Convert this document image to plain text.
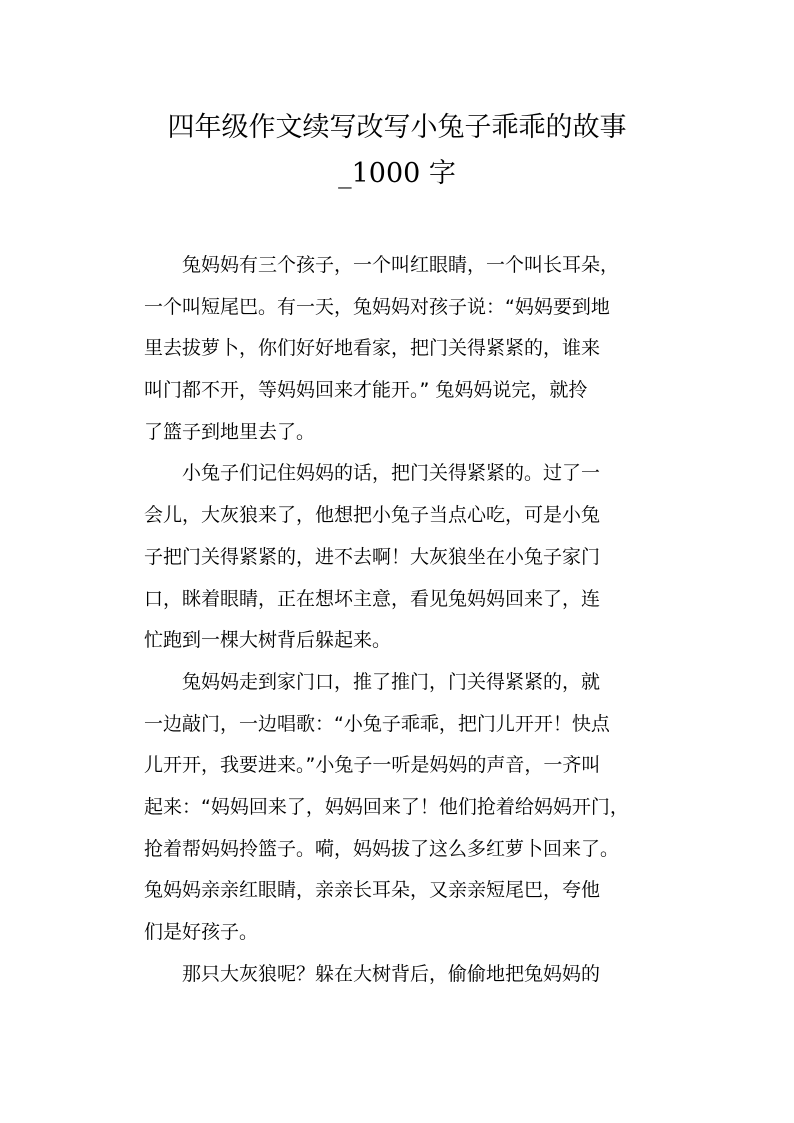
四年级作文续写改写小兔子乖乖的故事
_1000 字
　　兔妈妈有三个孩子，一个叫红眼睛，一个叫长耳朵，
一个叫短尾巴。有一天，兔妈妈对孩子说：“妈妈要到地
里去拔萝卜，你们好好地看家，把门关得紧紧的，谁来
叫门都不开，等妈妈回来才能开。” 兔妈妈说完，就拎
了篮子到地里去了。
　　小兔子们记住妈妈的话，把门关得紧紧的。过了一
会儿，大灰狼来了，他想把小兔子当点心吃，可是小兔
子把门关得紧紧的，进不去啊！大灰狼坐在小兔子家门
口，眯着眼睛，正在想坏主意，看见兔妈妈回来了，连
忙跑到一棵大树背后躲起来。
　　兔妈妈走到家门口，推了推门，门关得紧紧的，就
一边敲门，一边唱歌：“小兔子乖乖，把门儿开开！快点
儿开开，我要进来。”小兔子一听是妈妈的声音，一齐叫
起来：“妈妈回来了，妈妈回来了！他们抢着给妈妈开门，
抢着帮妈妈拎篮子。嗬，妈妈拔了这么多红萝卜回来了。
兔妈妈亲亲红眼睛，亲亲长耳朵，又亲亲短尾巴，夸他
们是好孩子。
　　那只大灰狼呢？躲在大树背后，偷偷地把兔妈妈的
